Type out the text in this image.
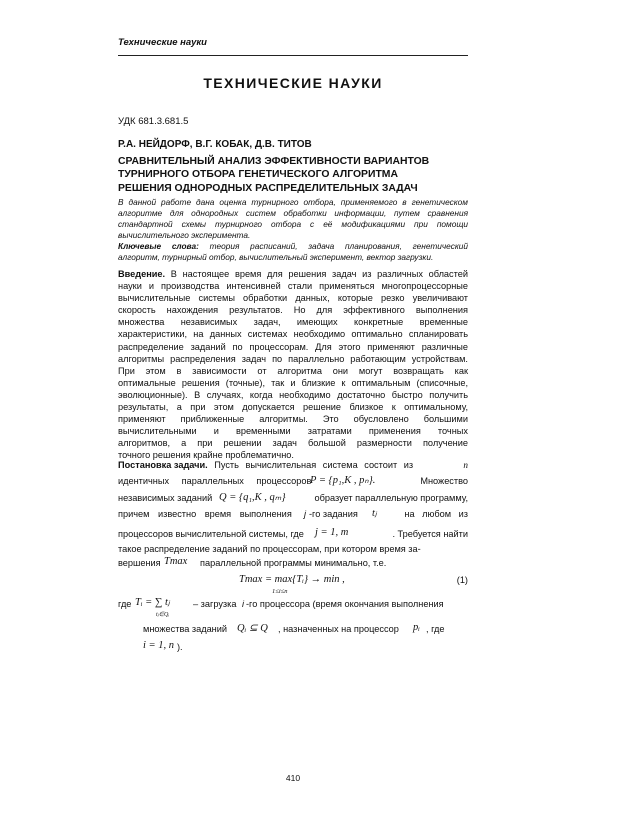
Технические науки
ТЕХНИЧЕСКИЕ НАУКИ
УДК 681.3.681.5
Р.А. НЕЙДОРФ, В.Г. КОБАК, Д.В. ТИТОВ
СРАВНИТЕЛЬНЫЙ АНАЛИЗ ЭФФЕКТИВНОСТИ ВАРИАНТОВ
ТУРНИРНОГО ОТБОРА ГЕНЕТИЧЕСКОГО АЛГОРИТМА
РЕШЕНИЯ ОДНОРОДНЫХ РАСПРЕДЕЛИТЕЛЬНЫХ ЗАДАЧ
В данной работе дана оценка турнирного отбора, применяемого в генетическом
алгоритме для однородных систем обработки информации, путем сравнения
стандартной схемы турнирного отбора с её модификациями при помощи
вычислительного эксперимента.
Ключевые слова: теория расписаний, задача планирования, генетический
алгоритм, турнирный отбор, вычислительный эксперимент, вектор загрузки.
Введение. В настоящее время для решения задач из различных областей
науки и производства интенсивней стали применяться многопроцессорные
вычислительные системы обработки данных, которые резко увеличивают
скорость нахождения результатов. Но для эффективного выполнения
множества независимых задач, имеющих конкретные временные
характеристики, на данных системах необходимо оптимально спланировать
распределение заданий по процессорам. Для этого применяют различные
алгоритмы распределения задач по параллельно работающим устройствам.
При этом в зависимости от алгоритма они могут возвращать как
оптимальные решения (точные), так и близкие к оптимальным (списочные,
эволюционные). В случаях, когда необходимо достаточно быстро получить
результаты, а при этом допускается решение близкое к оптимальному,
применяют приближенные алгоритмы. Это обусловлено большими
вычислительными и временными затратами применения точных
алгоритмов, а при решении задач большой размерности получение
точного решения крайне проблематично.
Постановка задачи. Пусть вычислительная система состоит из	n
идентичных параллельных процессоров
P = {p₁,K , pₙ}.	Множество
независимых заданий Q = {q₁,K , qₘ}	образует параллельную программу,
причем известно время выполнения j -го задания tⱼ	на любом из
процессоров вычислительной системы, где j = 1, m	. Требуется найти
такое распределение заданий по процессорам, при котором время за-
вершения Tmax параллельной программы минимально, т.е.
Tmax = max{Tᵢ} → min ,
1≤i≤n
(1)
где Tᵢ = ∑ tⱼ
tⱼ∈Qᵢ
– загрузка i -го процессора (время окончания выполнения
множества заданий Qᵢ ⊆ Q , назначенных на процессор pᵢ , где
i = 1, n ).
410
